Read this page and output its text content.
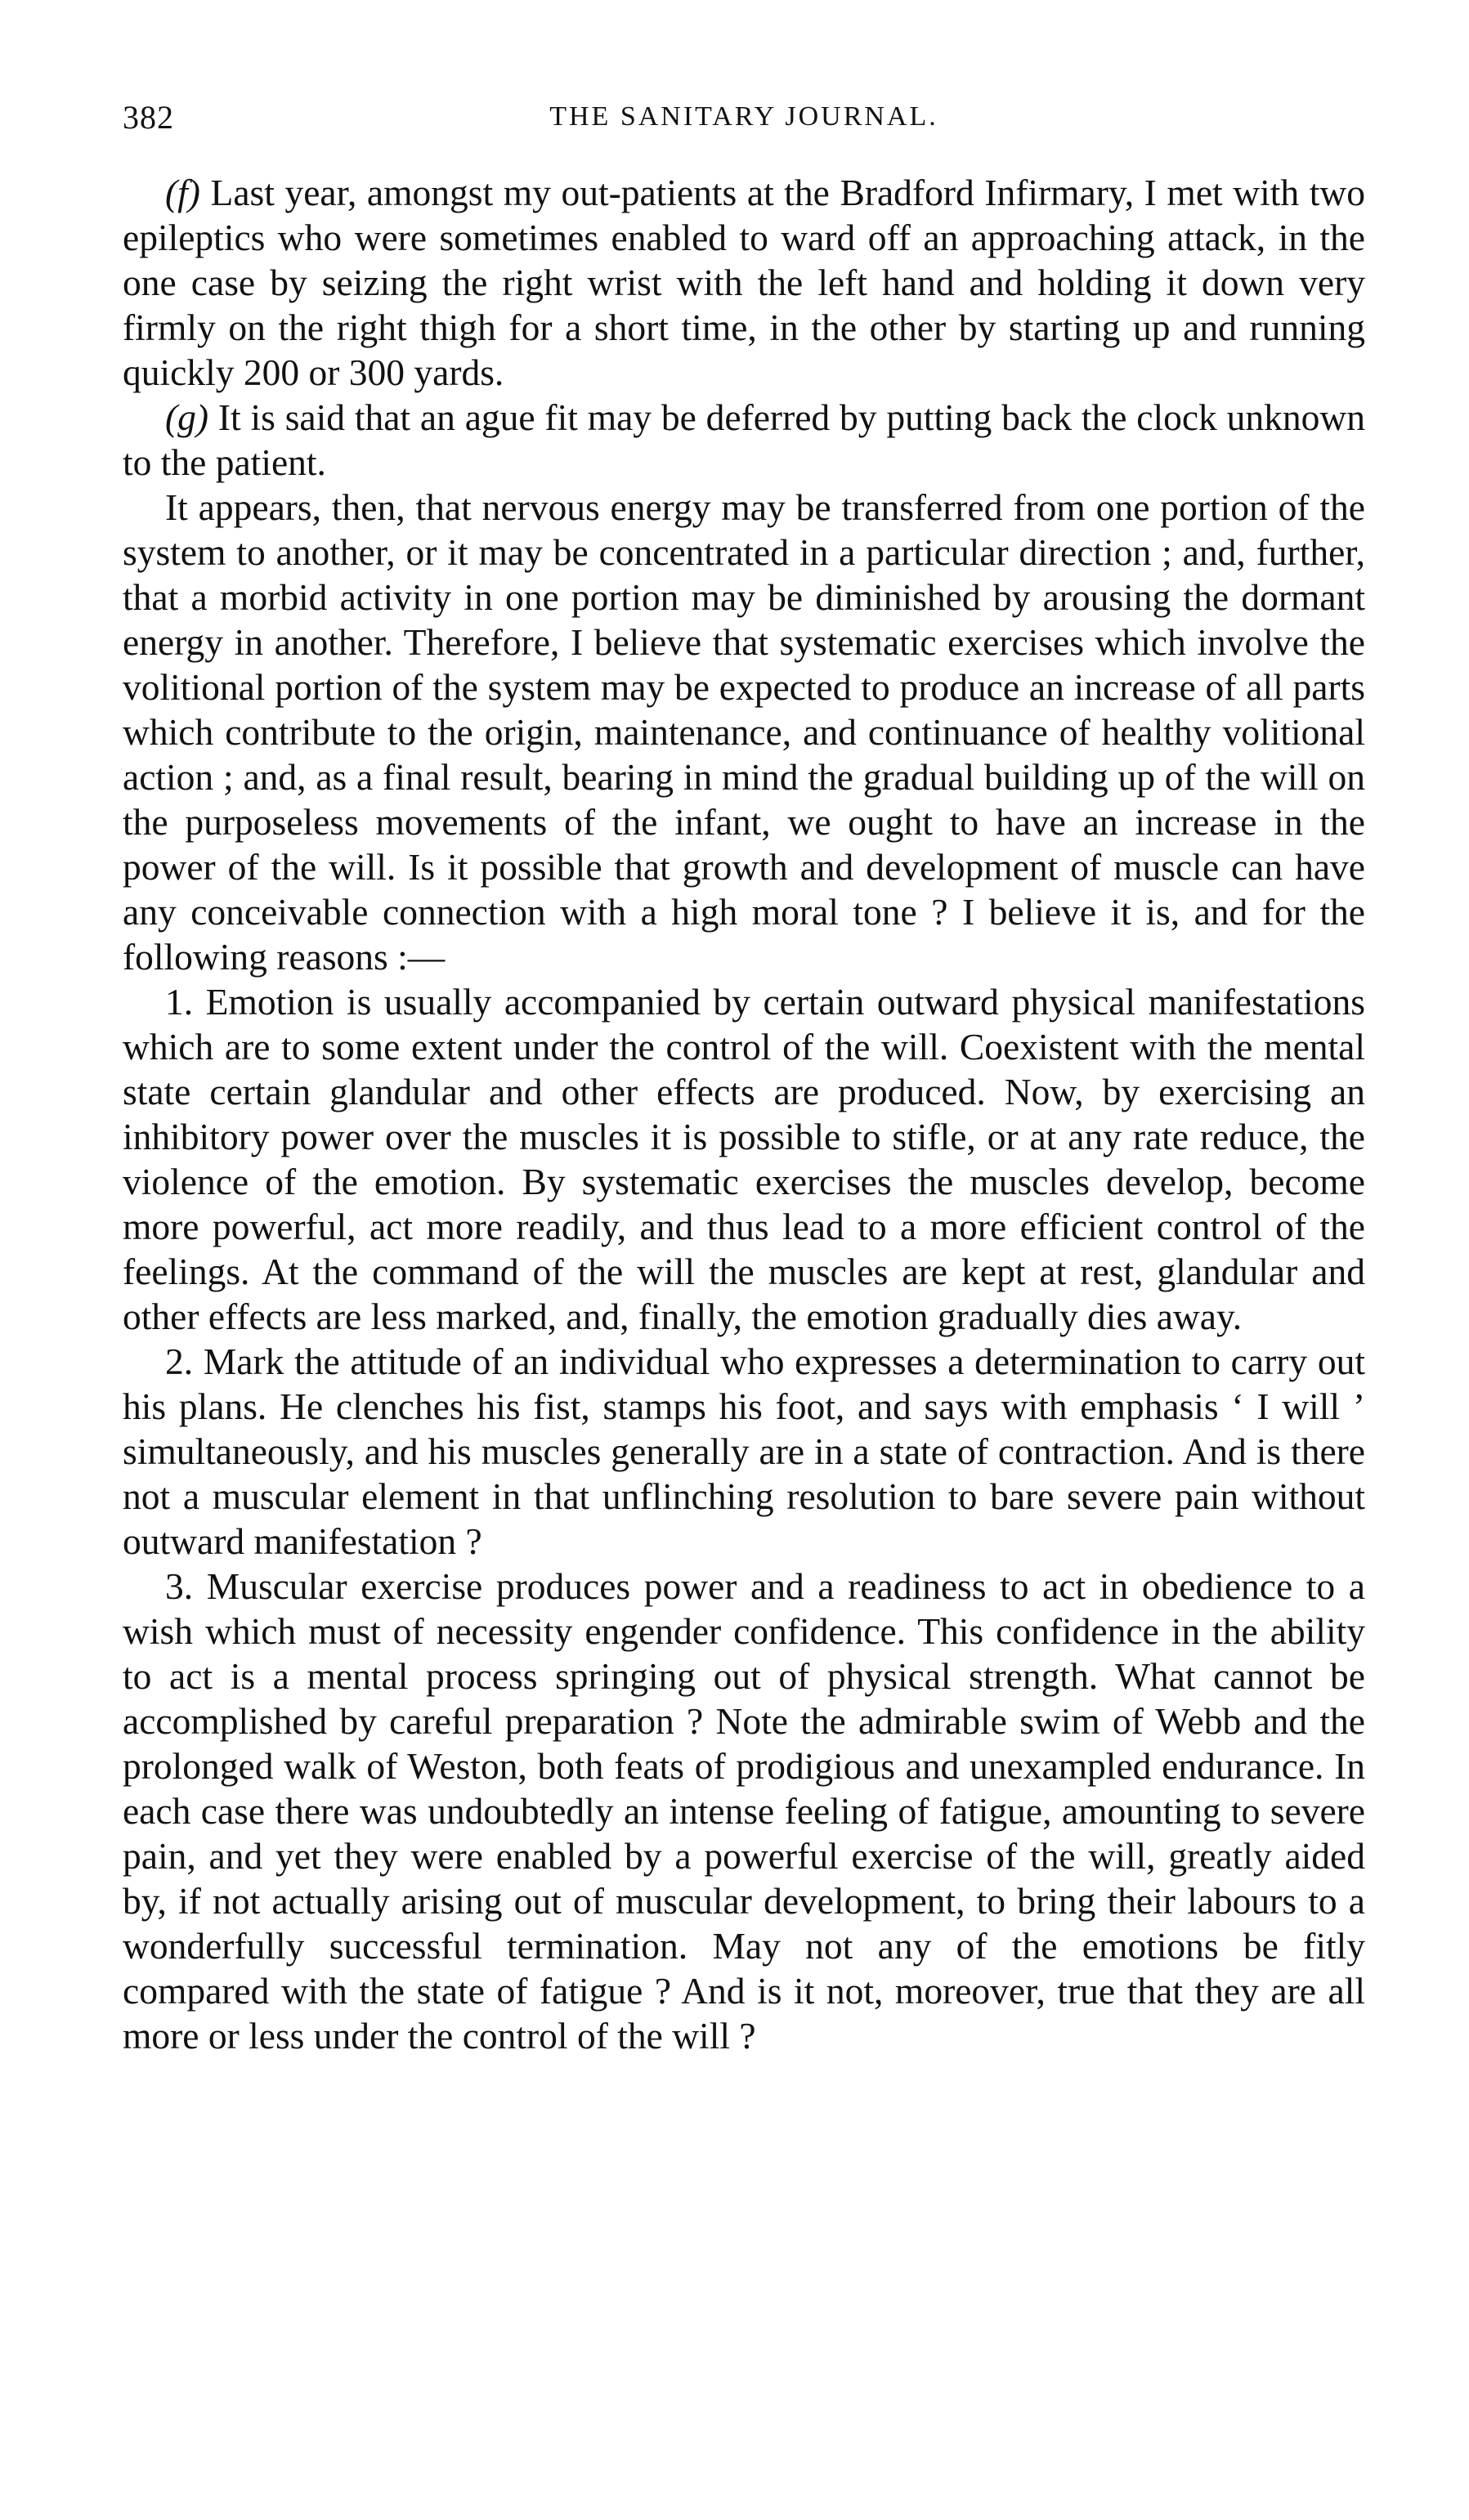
382	THE SANITARY JOURNAL.

(f) Last year, amongst my out-patients at the Bradford Infirmary, I met with two epileptics who were sometimes enabled to ward off an approaching attack, in the one case by seizing the right wrist with the left hand and holding it down very firmly on the right thigh for a short time, in the other by starting up and running quickly 200 or 300 yards.

(g) It is said that an ague fit may be deferred by putting back the clock unknown to the patient.

It appears, then, that nervous energy may be transferred from one portion of the system to another, or it may be concentrated in a particular direction ; and, further, that a morbid activity in one portion may be diminished by arousing the dormant energy in another. Therefore, I believe that systematic exercises which involve the volitional portion of the system may be expected to produce an increase of all parts which contribute to the origin, maintenance, and continuance of healthy volitional action ; and, as a final result, bearing in mind the gradual building up of the will on the purposeless movements of the infant, we ought to have an increase in the power of the will. Is it possible that growth and development of muscle can have any conceivable connection with a high moral tone ? I believe it is, and for the following reasons :—

1. Emotion is usually accompanied by certain outward physical manifestations which are to some extent under the control of the will. Coexistent with the mental state certain glandular and other effects are produced. Now, by exercising an inhibitory power over the muscles it is possible to stifle, or at any rate reduce, the violence of the emotion. By systematic exercises the muscles develop, become more powerful, act more readily, and thus lead to a more efficient control of the feelings. At the command of the will the muscles are kept at rest, glandular and other effects are less marked, and, finally, the emotion gradually dies away.

2. Mark the attitude of an individual who expresses a determination to carry out his plans. He clenches his fist, stamps his foot, and says with emphasis ‘ I will ’ simultaneously, and his muscles generally are in a state of contraction. And is there not a muscular element in that unflinching resolution to bare severe pain without outward manifestation ?

3. Muscular exercise produces power and a readiness to act in obedience to a wish which must of necessity engender confidence. This confidence in the ability to act is a mental process springing out of physical strength. What cannot be accomplished by careful preparation ? Note the admirable swim of Webb and the prolonged walk of Weston, both feats of prodigious and unexampled endurance. In each case there was undoubtedly an intense feeling of fatigue, amounting to severe pain, and yet they were enabled by a powerful exercise of the will, greatly aided by, if not actually arising out of muscular development, to bring their labours to a wonderfully successful termination. May not any of the emotions be fitly compared with the state of fatigue ? And is it not, moreover, true that they are all more or less under the control of the will ?
